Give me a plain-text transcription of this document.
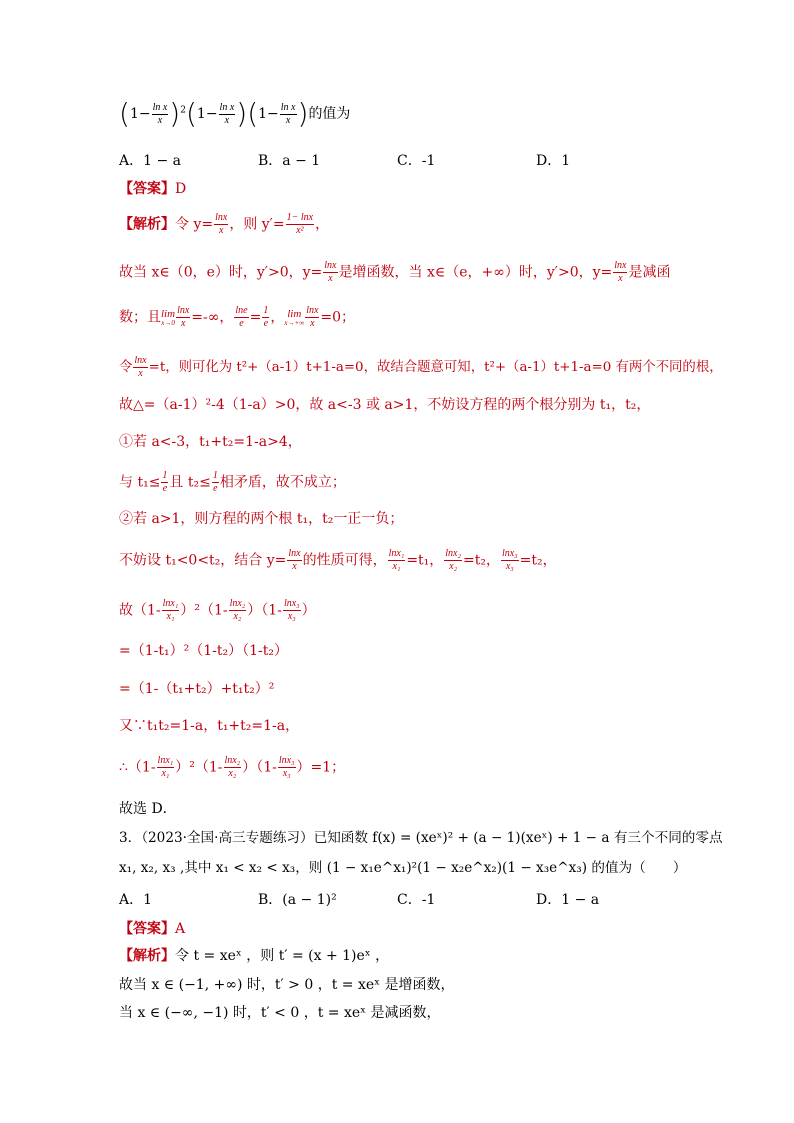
$(1- \frac{\text{ln x}}{x} )^2(1- \frac{\text{ln x}}{x} )(1- \frac{\text{ln x}}{x}$ )的值为
A．1 − a	B．a − 1	C．-1	D．1
【答案】D
【解析】令 $y= \frac{\ln x}{x}$ ，则 $y'= \frac{1- \ln x}{\text{x²}}$ ，
故当 x∈（0，e）时，y′>0，$y= \frac{\ln x}{x}$ 是增函数，当 x∈（e，+∞）时，y′>0，$y= \frac{\ln x}{x}$ 是减函
数；且lim
$x\to 0 \frac{\ln x}{x}$ =-∞， $\frac{\ln e}{e} = \frac{1}{e}$ ， lim
$x\to+\infty \frac{\ln x}{x} =0$；
令 $\frac{\ln x}{x} =t$，则可化为 t²+（a-1）t+1-a=0，故结合题意可知，t²+（a-1）t+1-a=0 有两个不同的根，
故△=（a-1）²-4（1-a）>0，故 a<-3 或 a>1，不妨设方程的两个根分别为 t₁，t₂，
①若 a<-3，t₁+t₂=1-a>4，
与 $t_1\le \frac{1}{e}$ 且 $t_2\le \frac{1}{e}$ 相矛盾，故不成立；
②若 a>1，则方程的两个根 t₁，t₂一正一负；
不妨设 t₁<0<t₂，结合 $y= \frac{\ln x}{x}$ 的性质可得， $\frac{\text{lnx₁}}{\text{x₁}} =t_1$， $\frac{\text{lnx₂}}{\text{x₂}} =t_2$， $\frac{\text{lnx₃}}{\text{x₃}} =t_2$，
故$(1- \frac{\text{lnx₁}}{\text{x₁}} )^2(1- \frac{\text{lnx₂}}{\text{x₂}} )(1- \frac{\text{lnx₃}}{\text{x₃}}$ ）
=（1-t₁）²（1-t₂）（1-t₂）
=（1-（t₁+t₂）+t₁t₂）²
又∵t₁t₂=1-a，t₁+t₂=1-a，
∴（1- $\frac{\text{lnx₁}}{\text{x₁}} )^2(1- \frac{\text{lnx₂}}{\text{x₂}} )(1- \frac{\text{lnx₃}}{\text{x₃}} )=1$；
故选 D．
3．（2023·全国·高三专题练习）已知函数 f(x) = (xeˣ)² + (a − 1)(xeˣ) + 1 − a 有三个不同的零点
x₁, x₂, x₃ ,其中 x₁ < x₂ < x₃，则 (1 − x₁e^x₁)²(1 − x₂e^x₂)(1 − x₃e^x₃) 的值为（　　）
A．1	B．(a − 1)²	C．-1	D．1 − a
【答案】A
【解析】令 t = xeˣ ，则 t′ = (x + 1)eˣ ，
故当 x ∈ (−1, +∞) 时，t′ > 0 ，t = xeˣ 是增函数，
当 x ∈ (−∞, −1) 时，t′ < 0 ，t = xeˣ 是减函数，
